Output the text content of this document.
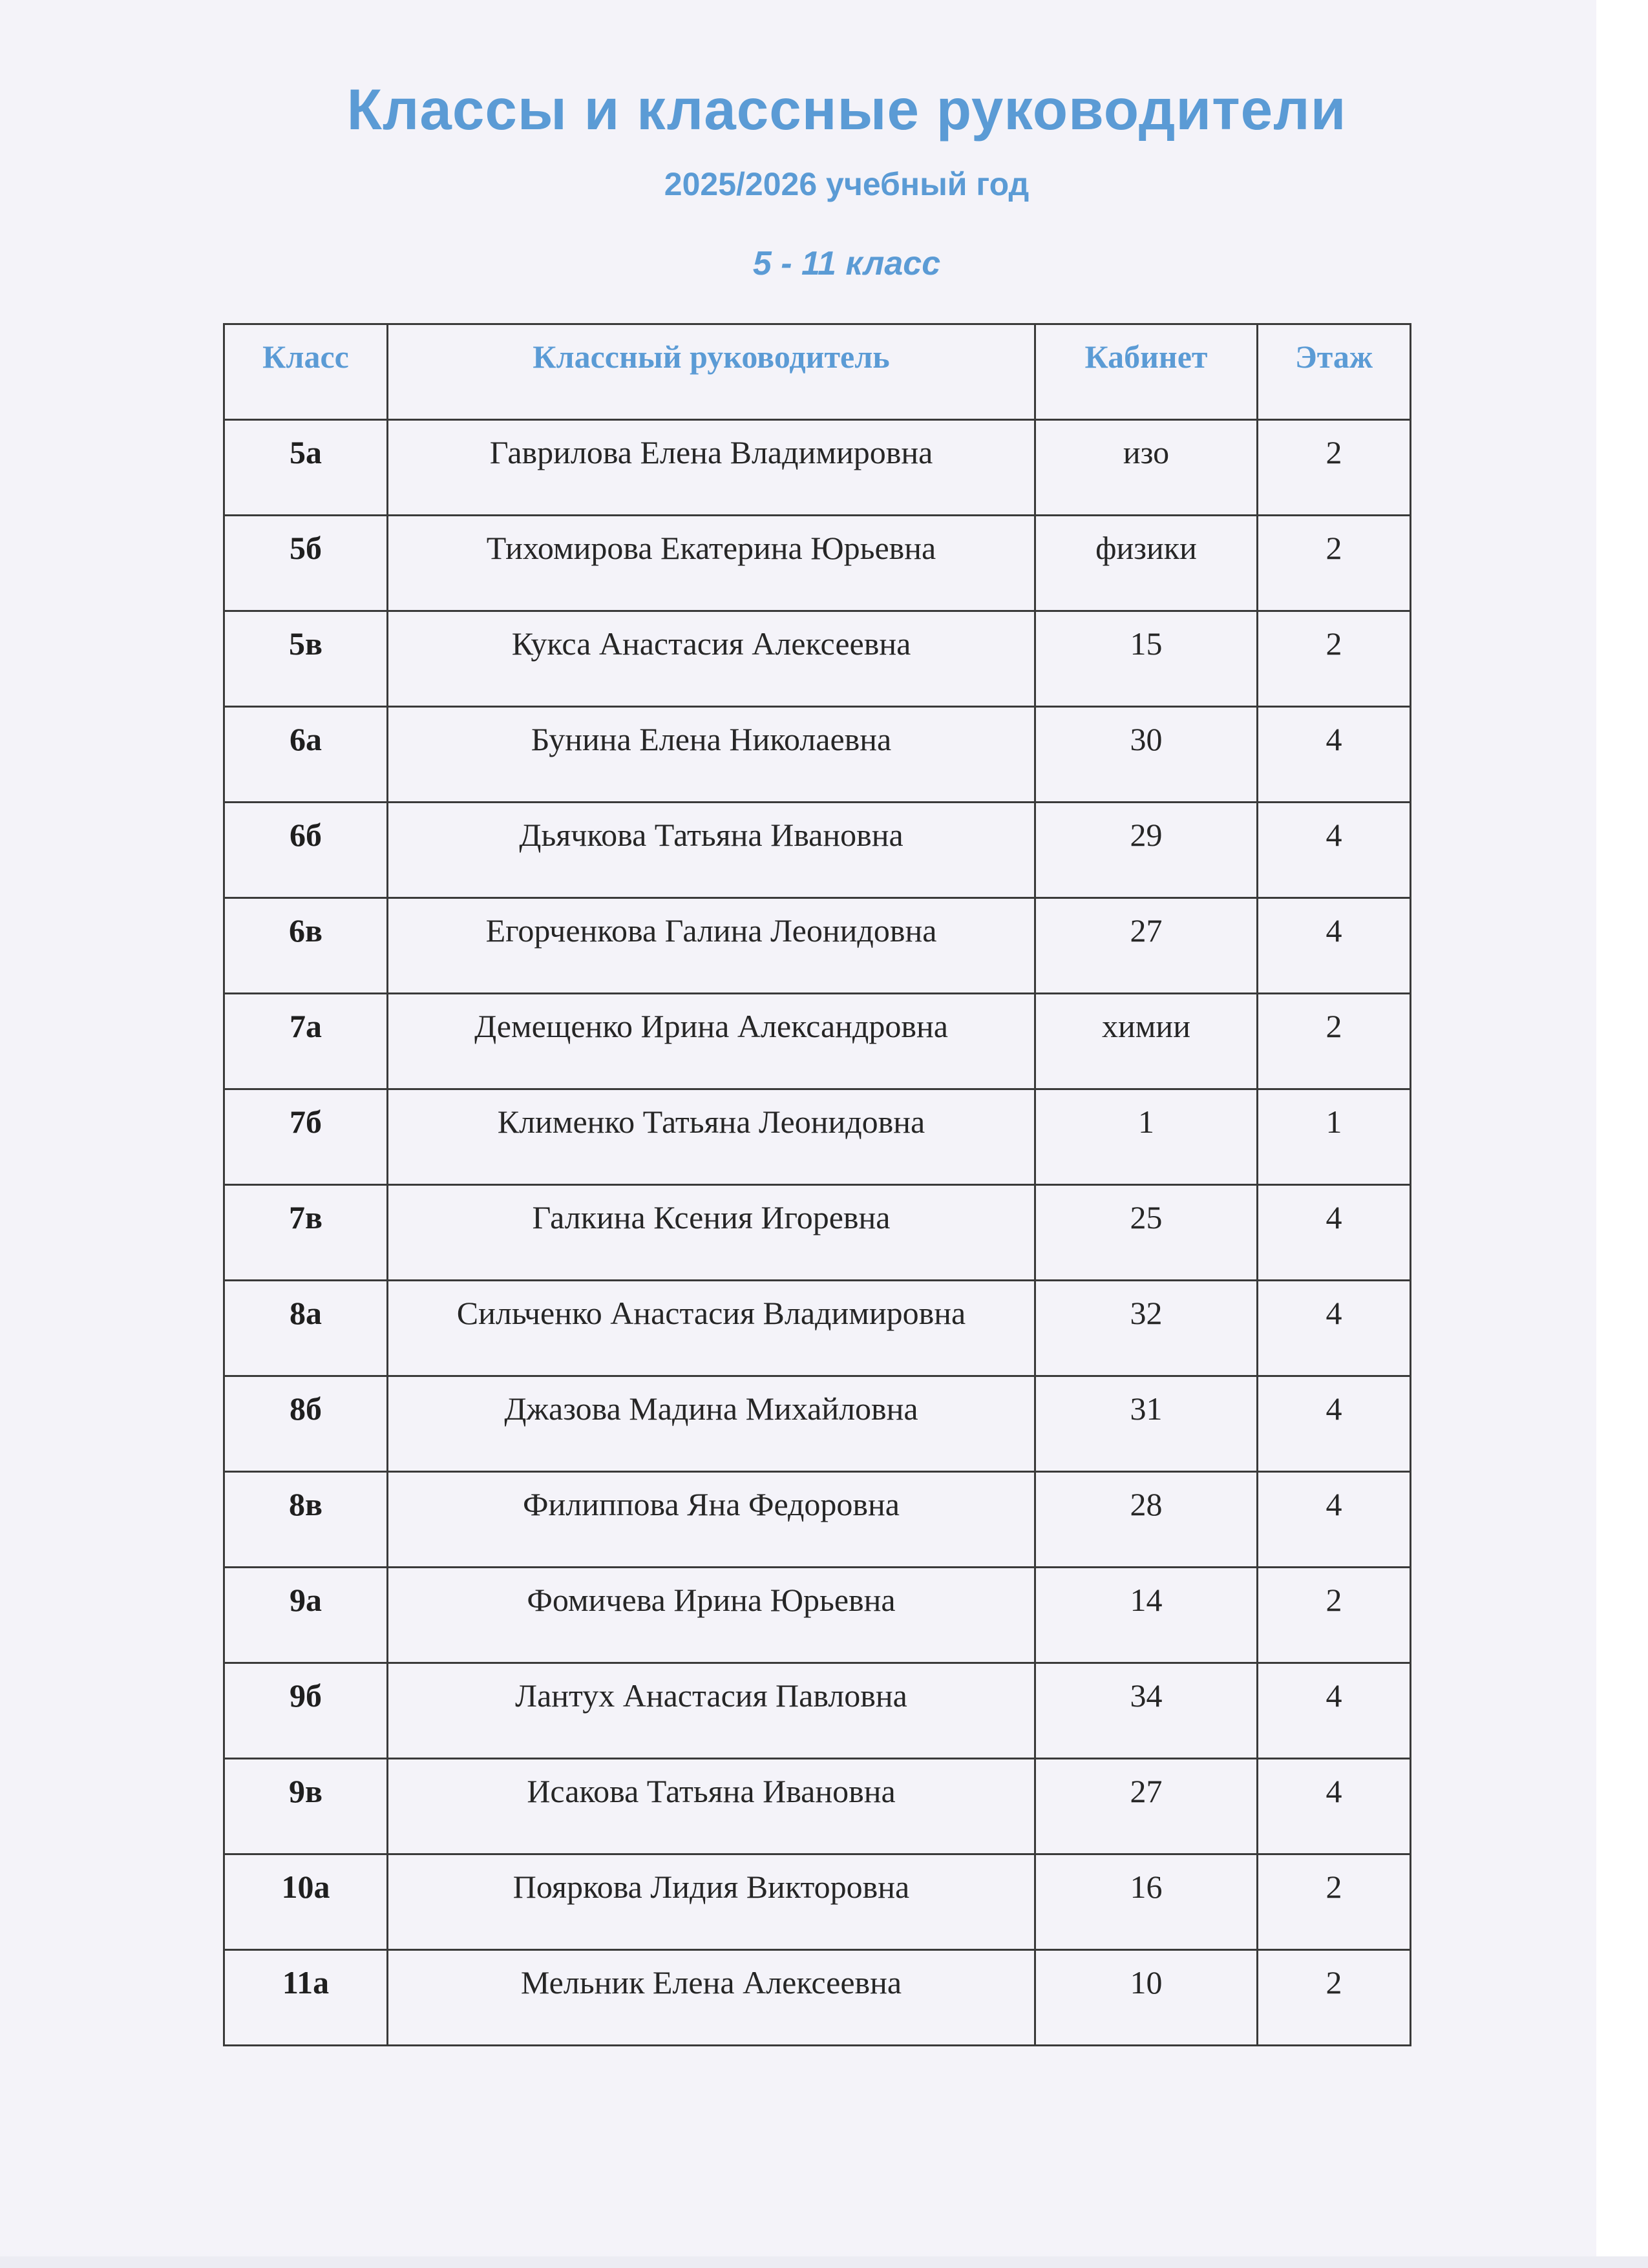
Классы и классные руководители
2025/2026 учебный год
5 - 11 класс
Класс	Классный руководитель	Кабинет	Этаж
5а	Гаврилова Елена Владимировна	изо	2
5б	Тихомирова Екатерина Юрьевна	физики	2
5в	Кукса Анастасия Алексеевна	15	2
6а	Бунина Елена Николаевна	30	4
6б	Дьячкова Татьяна Ивановна	29	4
6в	Егорченкова Галина Леонидовна	27	4
7а	Демещенко Ирина Александровна	химии	2
7б	Клименко Татьяна Леонидовна	1	1
7в	Галкина Ксения Игоревна	25	4
8а	Сильченко Анастасия Владимировна	32	4
8б	Джазова Мадина Михайловна	31	4
8в	Филиппова Яна Федоровна	28	4
9а	Фомичева Ирина Юрьевна	14	2
9б	Лантух Анастасия Павловна	34	4
9в	Исакова Татьяна Ивановна	27	4
10а	Пояркова Лидия Викторовна	16	2
11а	Мельник Елена Алексеевна	10	2
